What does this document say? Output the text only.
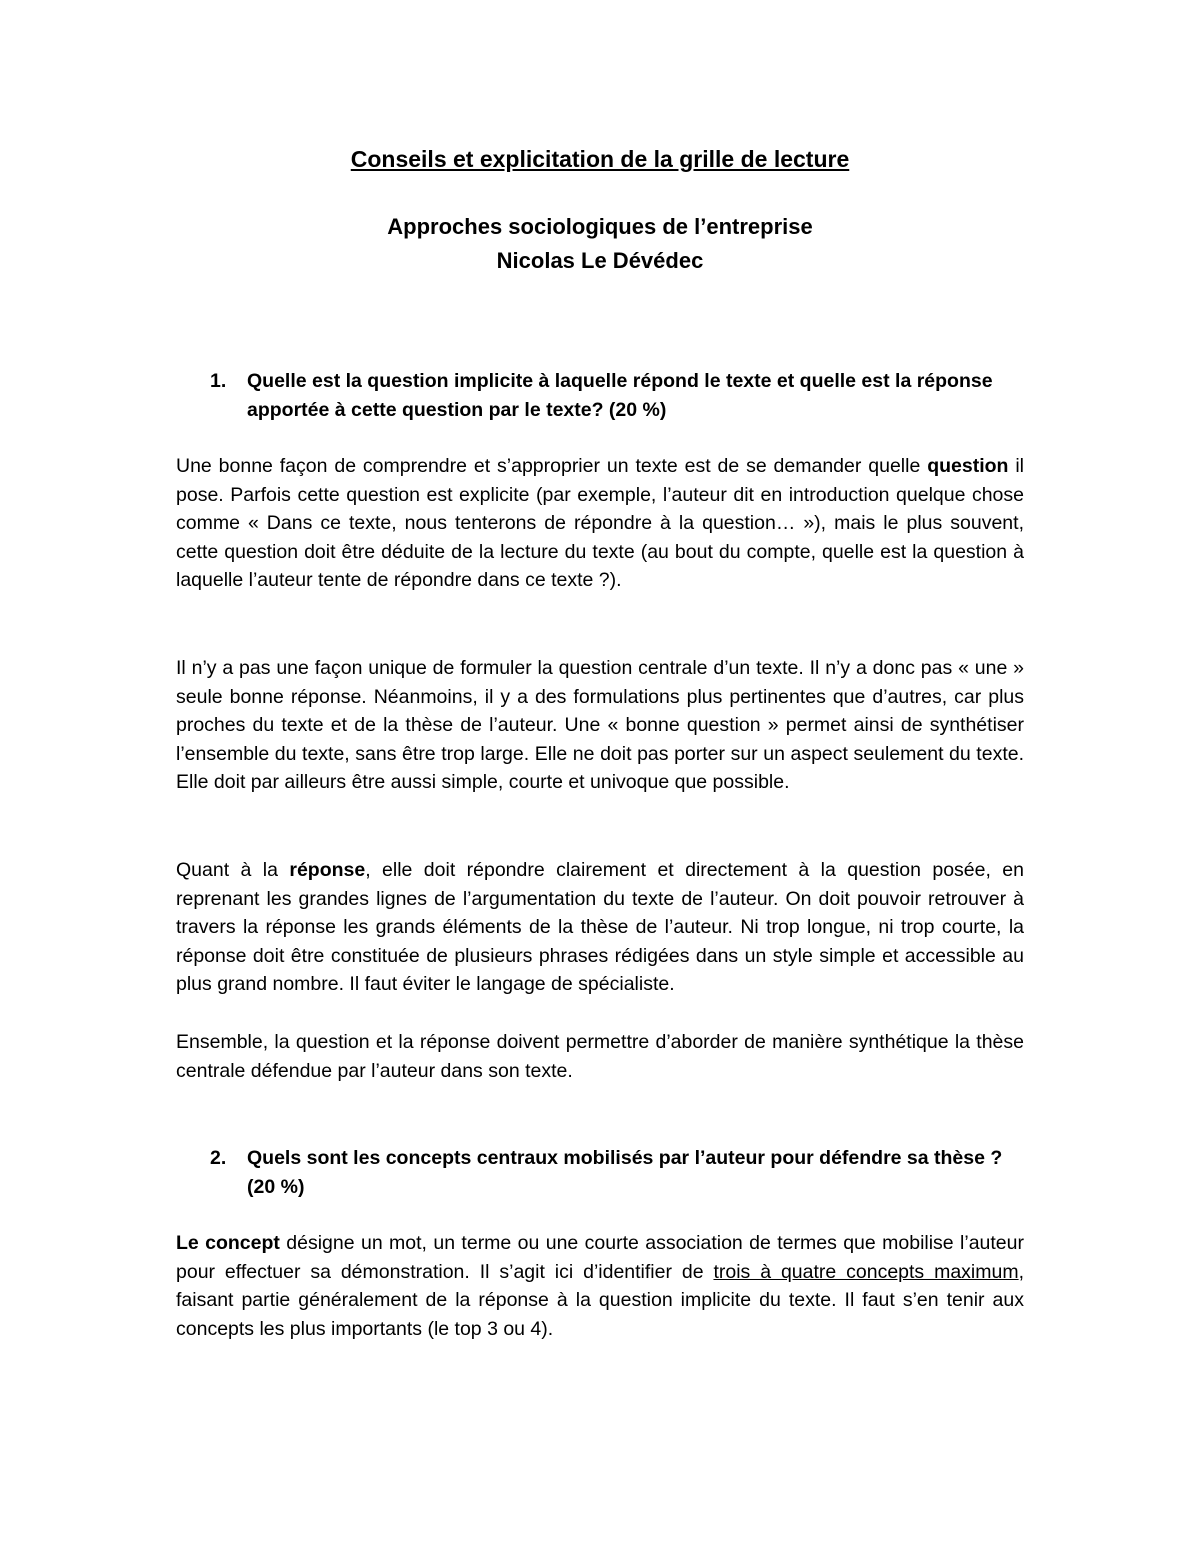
Conseils et explicitation de la grille de lecture
Approches sociologiques de l’entreprise
Nicolas Le Dévédec
1. Quelle est la question implicite à laquelle répond le texte et quelle est la réponse apportée à cette question par le texte? (20 %)

Une bonne façon de comprendre et s’approprier un texte est de se demander quelle question il pose. Parfois cette question est explicite (par exemple, l’auteur dit en introduction quelque chose comme « Dans ce texte, nous tenterons de répondre à la question… »), mais le plus souvent, cette question doit être déduite de la lecture du texte (au bout du compte, quelle est la question à laquelle l’auteur tente de répondre dans ce texte ?).

Il n’y a pas une façon unique de formuler la question centrale d’un texte. Il n’y a donc pas « une » seule bonne réponse. Néanmoins, il y a des formulations plus pertinentes que d’autres, car plus proches du texte et de la thèse de l’auteur. Une « bonne question » permet ainsi de synthétiser l’ensemble du texte, sans être trop large. Elle ne doit pas porter sur un aspect seulement du texte. Elle doit par ailleurs être aussi simple, courte et univoque que possible.

Quant à la réponse, elle doit répondre clairement et directement à la question posée, en reprenant les grandes lignes de l’argumentation du texte de l’auteur. On doit pouvoir retrouver à travers la réponse les grands éléments de la thèse de l’auteur. Ni trop longue, ni trop courte, la réponse doit être constituée de plusieurs phrases rédigées dans un style simple et accessible au plus grand nombre. Il faut éviter le langage de spécialiste.

Ensemble, la question et la réponse doivent permettre d’aborder de manière synthétique la thèse centrale défendue par l’auteur dans son texte.

2. Quels sont les concepts centraux mobilisés par l’auteur pour défendre sa thèse ? (20 %)

Le concept désigne un mot, un terme ou une courte association de termes que mobilise l’auteur pour effectuer sa démonstration. Il s’agit ici d’identifier de trois à quatre concepts maximum, faisant partie généralement de la réponse à la question implicite du texte. Il faut s’en tenir aux concepts les plus importants (le top 3 ou 4).
